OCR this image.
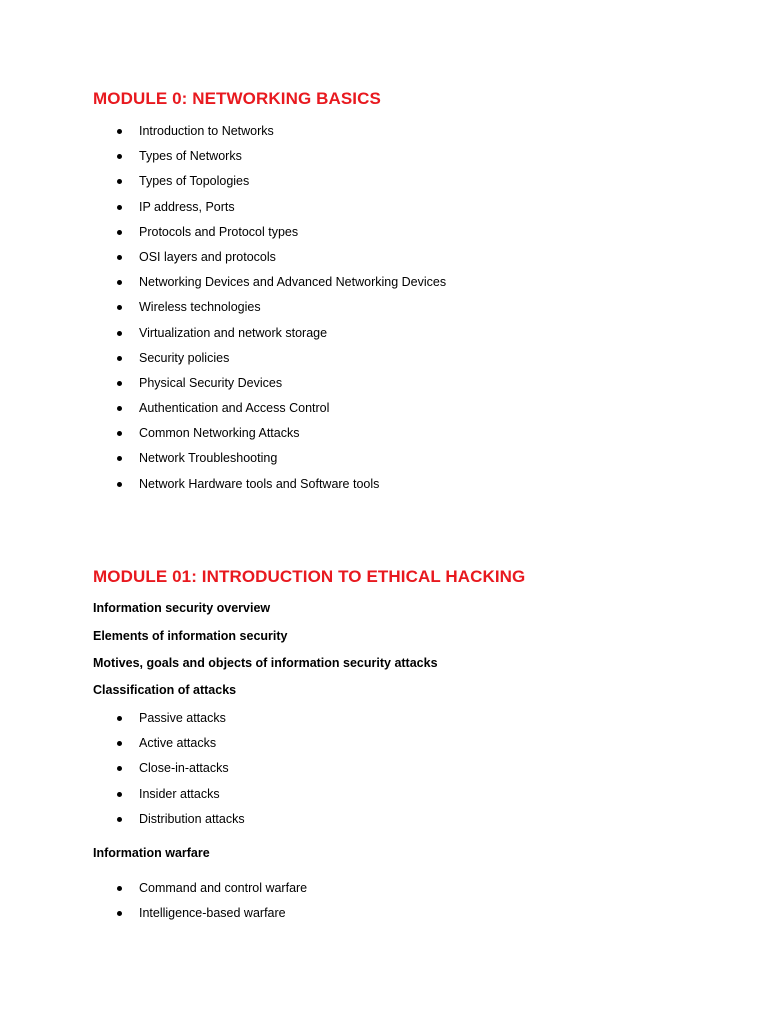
MODULE 0: NETWORKING BASICS
Introduction to Networks
Types of Networks
Types of Topologies
IP address, Ports
Protocols and Protocol types
OSI layers and protocols
Networking Devices and Advanced Networking Devices
Wireless technologies
Virtualization and network storage
Security policies
Physical Security Devices
Authentication and Access Control
Common Networking Attacks
Network Troubleshooting
Network Hardware tools and Software tools
MODULE 01: INTRODUCTION TO ETHICAL HACKING

Information security overview

Elements of information security

Motives, goals and objects of information security attacks

Classification of attacks

Passive attacks
Active attacks
Close-in-attacks
Insider attacks
Distribution attacks

Information warfare

Command and control warfare
Intelligence-based warfare
